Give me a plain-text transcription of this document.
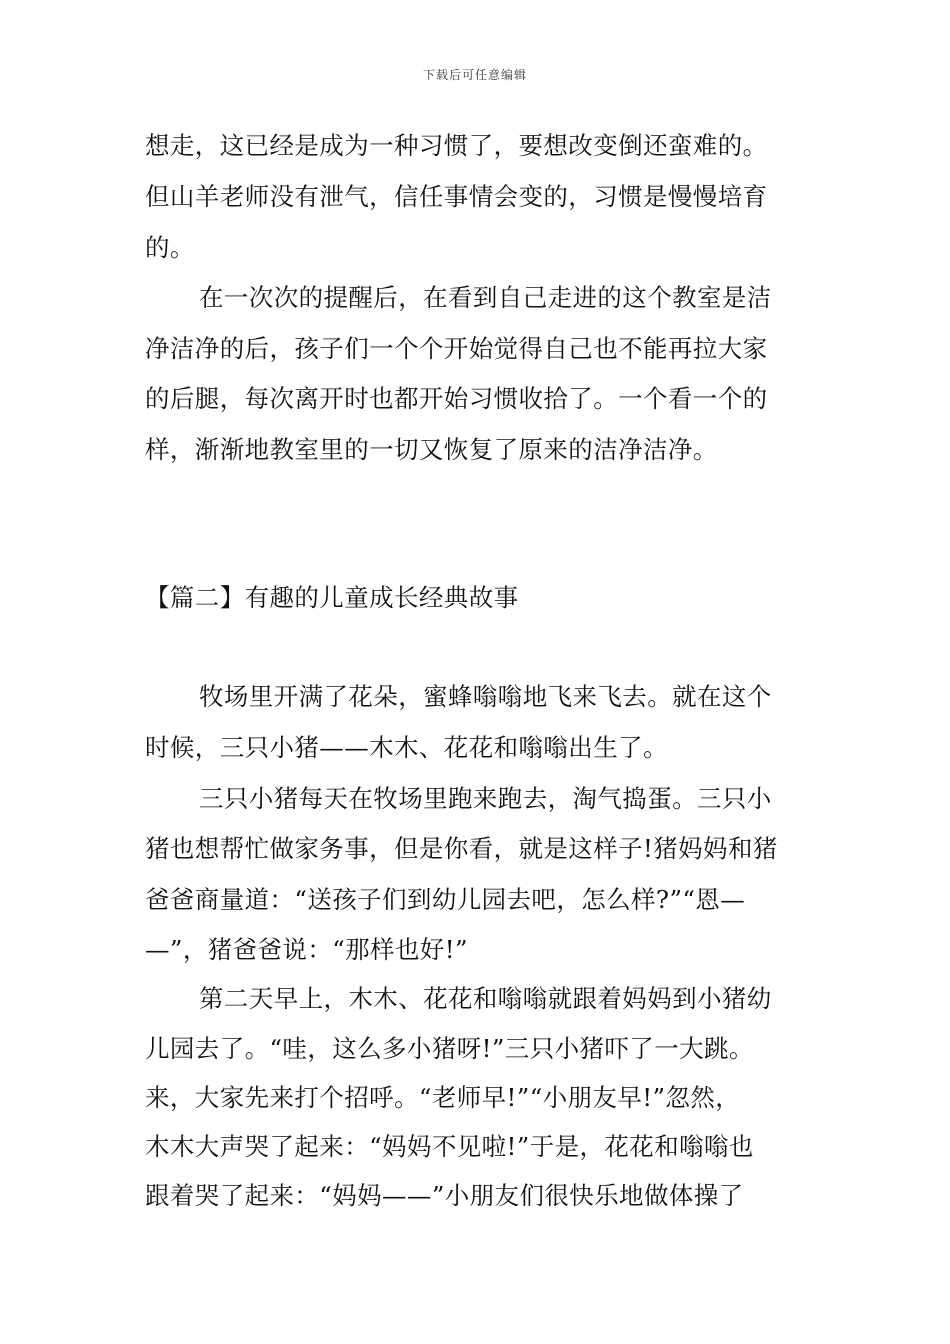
下载后可任意编辑
想走，这已经是成为一种习惯了，要想改变倒还蛮难的。
但山羊老师没有泄气，信任事情会变的，习惯是慢慢培育
的。
在一次次的提醒后，在看到自己走进的这个教室是洁
净洁净的后，孩子们一个个开始觉得自己也不能再拉大家
的后腿，每次离开时也都开始习惯收拾了。一个看一个的
样，渐渐地教室里的一切又恢复了原来的洁净洁净。
【篇二】有趣的儿童成长经典故事
牧场里开满了花朵，蜜蜂嗡嗡地飞来飞去。就在这个
时候，三只小猪——木木、花花和嗡嗡出生了。
三只小猪每天在牧场里跑来跑去，淘气捣蛋。三只小
猪也想帮忙做家务事，但是你看，就是这样子!猪妈妈和猪
爸爸商量道：“送孩子们到幼儿园去吧，怎么样?”“恩—
—”，猪爸爸说：“那样也好!”
第二天早上，木木、花花和嗡嗡就跟着妈妈到小猪幼
儿园去了。“哇，这么多小猪呀!”三只小猪吓了一大跳。
来，大家先来打个招呼。“老师早!”“小朋友早!”忽然，
木木大声哭了起来：“妈妈不见啦!”于是，花花和嗡嗡也
跟着哭了起来：“妈妈——”小朋友们很快乐地做体操了
